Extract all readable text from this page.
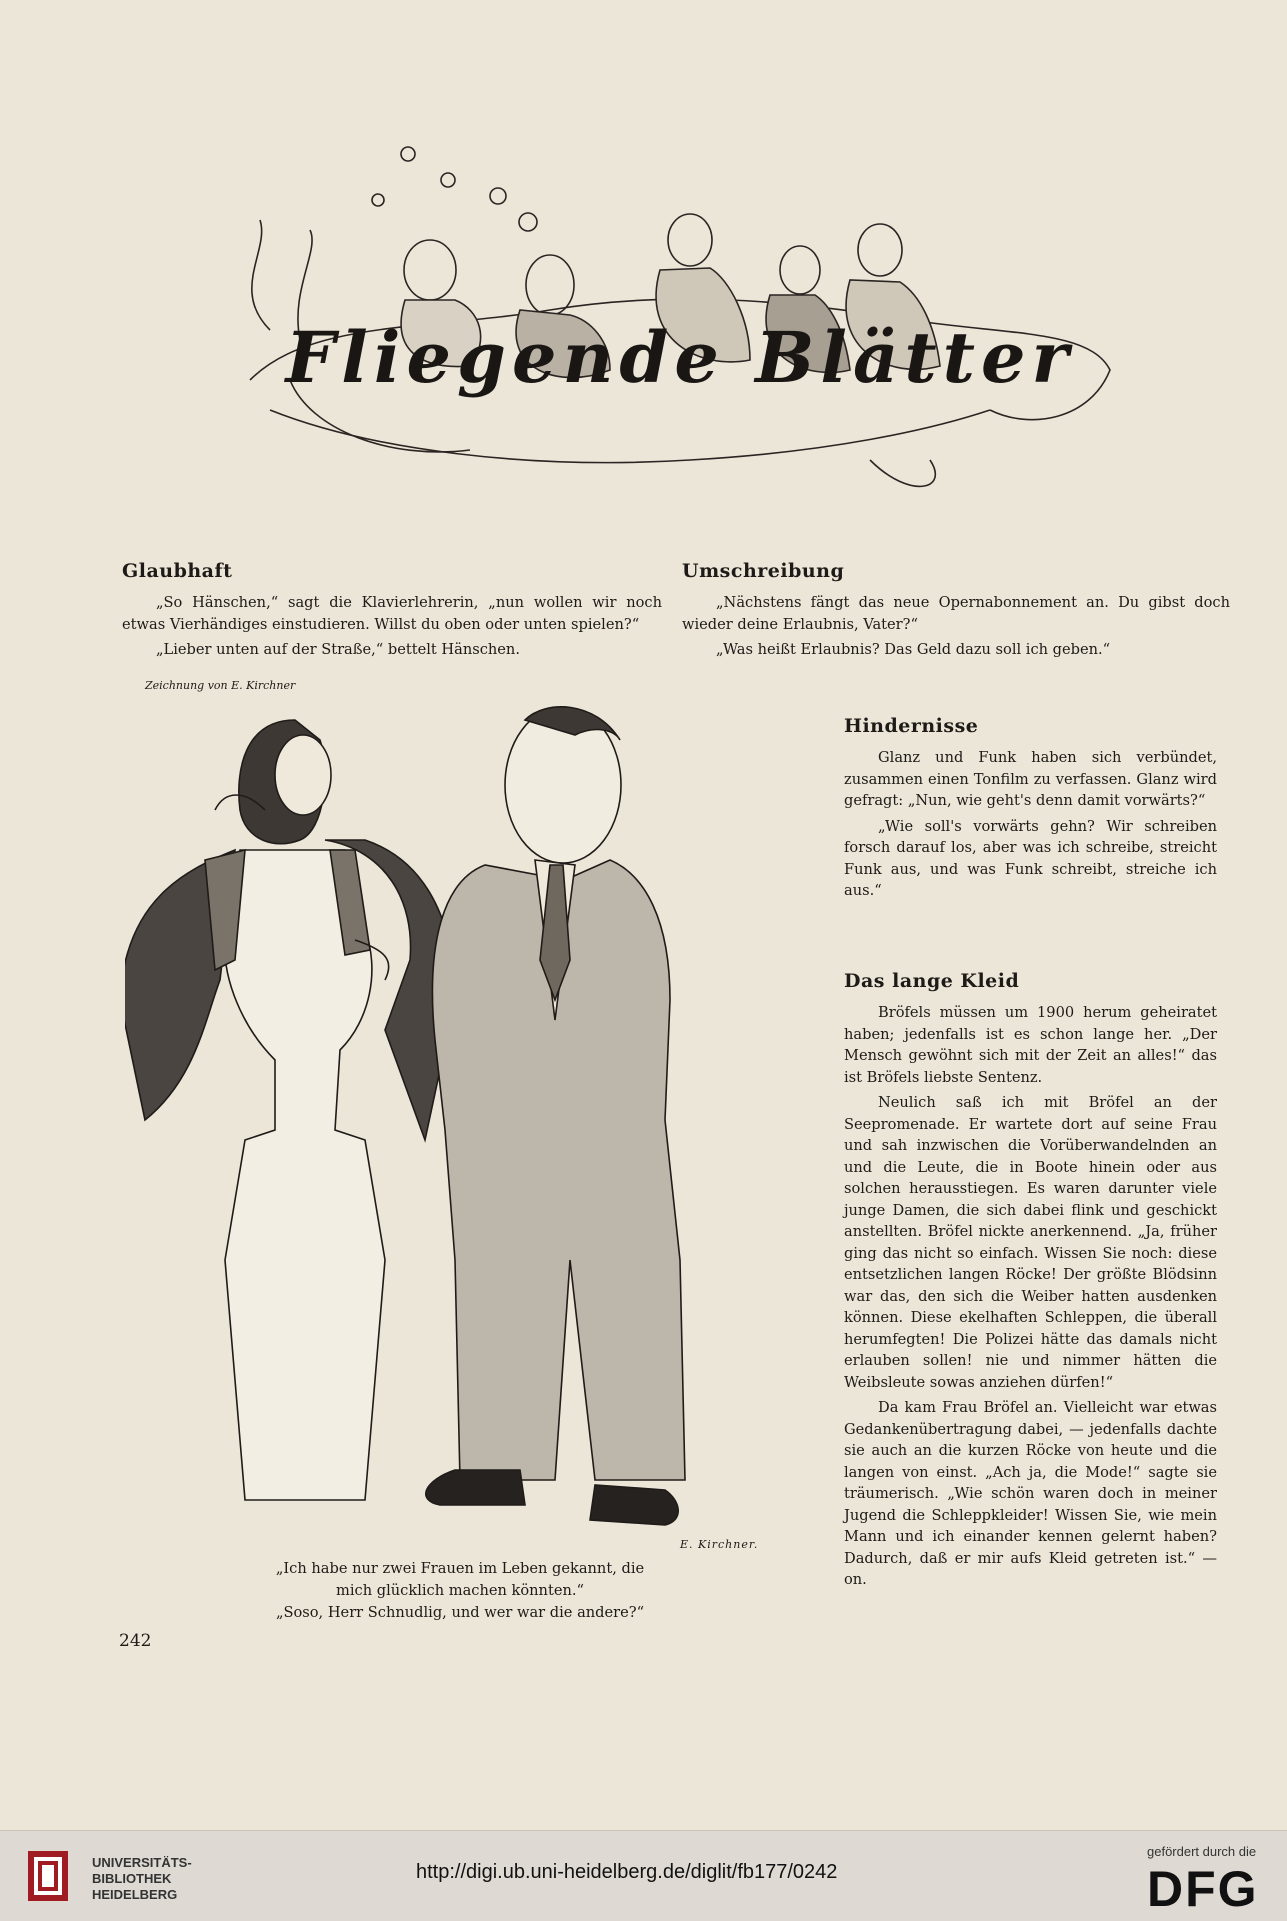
Fliegende Blätter
Glaubhaft

„So Hänschen,“ sagt die Klavierlehrerin, „nun wollen wir noch etwas Vierhändiges einstudieren. Willst du oben oder unten spielen?“

„Lieber unten auf der Straße,“ bettelt Hänschen.

Umschreibung

„Nächstens fängt das neue Opernabonnement an. Du gibst doch wieder deine Erlaubnis, Vater?“

„Was heißt Erlaubnis? Das Geld dazu soll ich geben.“

Zeichnung von E. Kirchner
E. Kirchner.

„Ich habe nur zwei Frauen im Leben gekannt, die

mich glücklich machen könnten.“

„Soso, Herr Schnudlig, und wer war die andere?“

Hindernisse

Glanz und Funk haben sich verbündet, zusammen einen Tonfilm zu verfassen. Glanz wird gefragt: „Nun, wie geht's denn damit vorwärts?“

„Wie soll's vorwärts gehn? Wir schreiben forsch darauf los, aber was ich schreibe, streicht Funk aus, und was Funk schreibt, streiche ich aus.“

Das lange Kleid

Bröfels müssen um 1900 herum geheiratet haben; jedenfalls ist es schon lange her. „Der Mensch gewöhnt sich mit der Zeit an alles!“ das ist Bröfels liebste Sentenz.

Neulich saß ich mit Bröfel an der Seepromenade. Er wartete dort auf seine Frau und sah inzwischen die Vorüberwandelnden an und die Leute, die in Boote hinein oder aus solchen herausstiegen. Es waren darunter viele junge Damen, die sich dabei flink und geschickt anstellten. Bröfel nickte anerkennend. „Ja, früher ging das nicht so einfach. Wissen Sie noch: diese entsetzlichen langen Röcke! Der größte Blödsinn war das, den sich die Weiber hatten ausdenken können. Diese ekelhaften Schleppen, die überall herumfegten! Die Polizei hätte das damals nicht erlauben sollen! nie und nimmer hätten die Weibsleute sowas anziehen dürfen!“

Da kam Frau Bröfel an. Vielleicht war etwas Gedankenübertragung dabei, — jedenfalls dachte sie auch an die kurzen Röcke von heute und die langen von einst. „Ach ja, die Mode!“ sagte sie träumerisch. „Wie schön waren doch in meiner Jugend die Schleppkleider! Wissen Sie, wie mein Mann und ich einander kennen gelernt haben? Dadurch, daß er mir aufs Kleid getreten ist.“ —on.

242
UNIVERSITÄTS-
BIBLIOTHEK
HEIDELBERG
http://digi.ub.uni-heidelberg.de/diglit/fb177/0242
gefördert durch die
DFG
